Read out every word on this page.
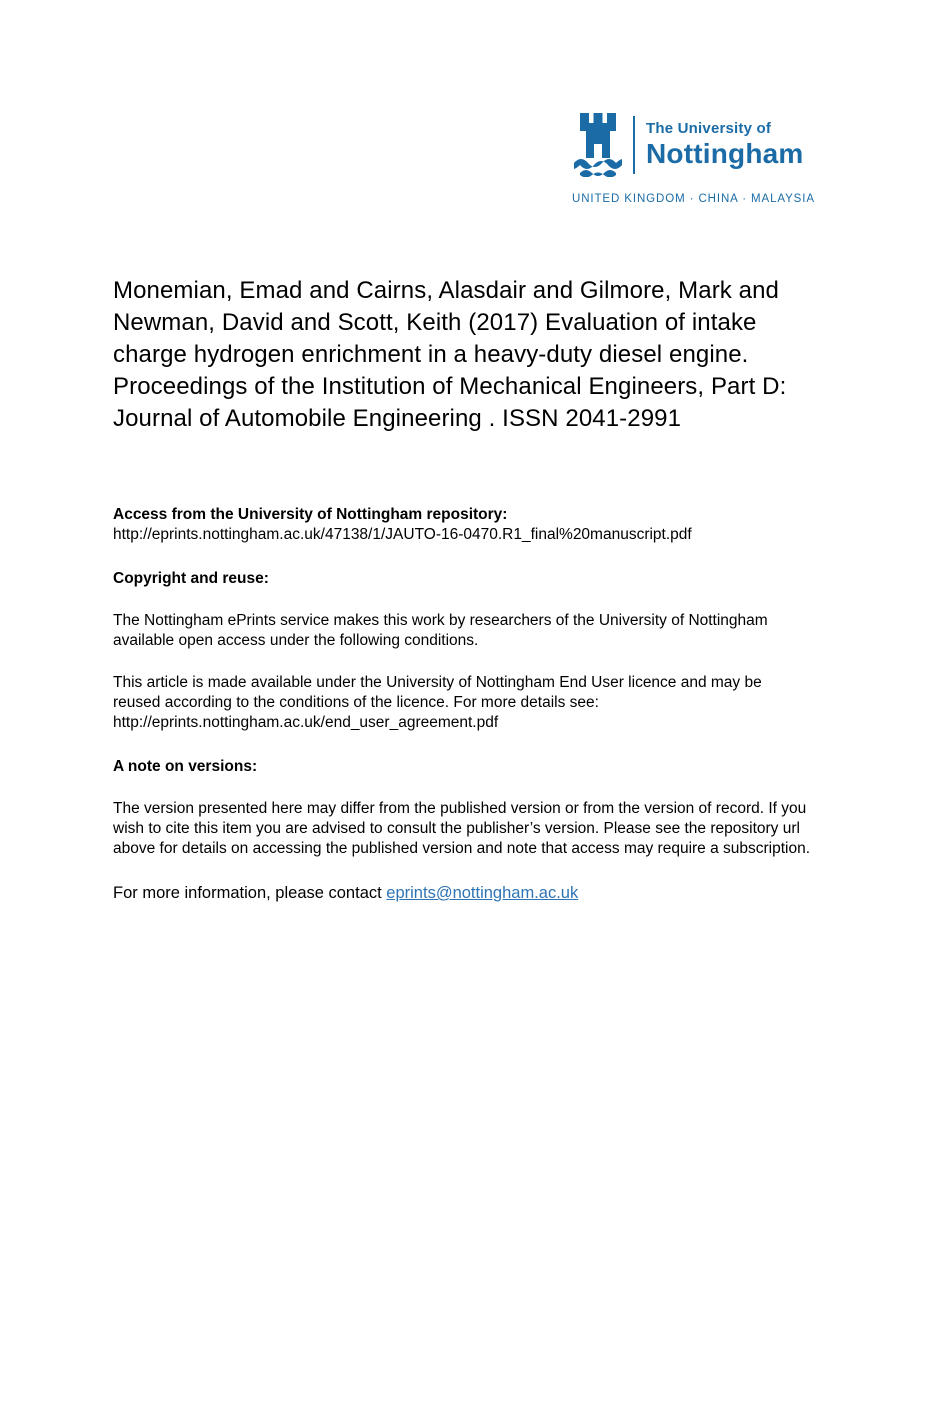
The University of
Nottingham
UNITED KINGDOM · CHINA · MALAYSIA

Monemian, Emad and Cairns, Alasdair and Gilmore, Mark and Newman, David and Scott, Keith (2017) Evaluation of intake charge hydrogen enrichment in a heavy-duty diesel engine. Proceedings of the Institution of Mechanical Engineers, Part D: Journal of Automobile Engineering . ISSN 2041-2991

Access from the University of Nottingham repository:

http://eprints.nottingham.ac.uk/47138/1/JAUTO-16-0470.R1_final%20manuscript.pdf

Copyright and reuse:

The Nottingham ePrints service makes this work by researchers of the University of Nottingham available open access under the following conditions.

This article is made available under the University of Nottingham End User licence and may be reused according to the conditions of the licence. For more details see: http://eprints.nottingham.ac.uk/end_user_agreement.pdf

A note on versions:

The version presented here may differ from the published version or from the version of record. If you wish to cite this item you are advised to consult the publisher’s version. Please see the repository url above for details on accessing the published version and note that access may require a subscription.

For more information, please contact eprints@nottingham.ac.uk
